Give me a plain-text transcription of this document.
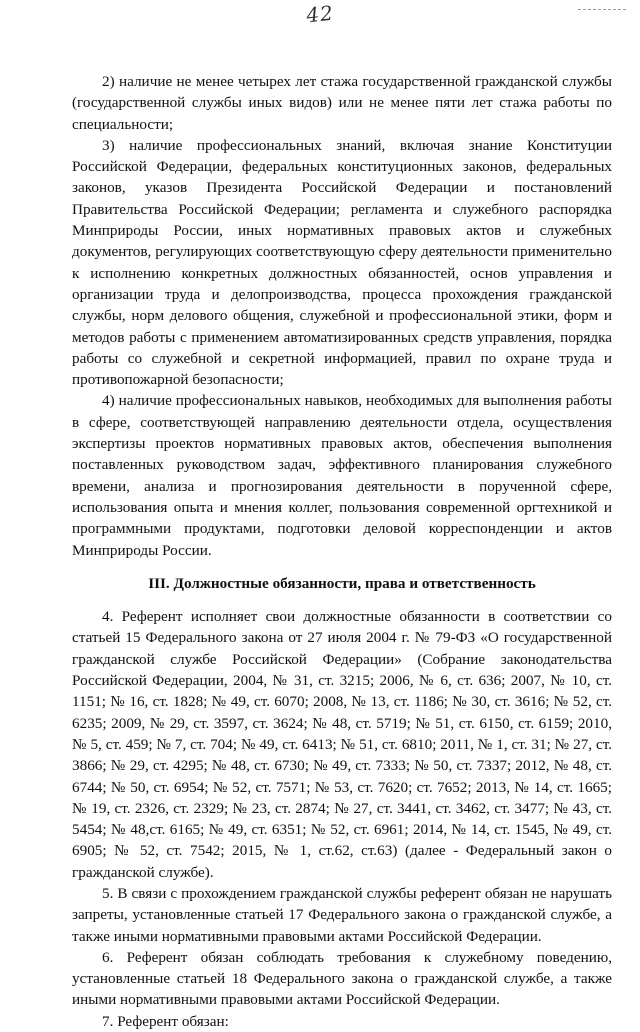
42

2) наличие не менее четырех лет стажа государственной гражданской службы (государственной службы иных видов) или не менее пяти лет стажа работы по специальности;

3) наличие профессиональных знаний, включая знание Конституции Российской Федерации, федеральных конституционных законов, федеральных законов, указов Президента Российской Федерации и постановлений Правительства Российской Федерации; регламента и служебного распорядка Минприроды России, иных нормативных правовых актов и служебных документов, регулирующих соответствующую сферу деятельности применительно к исполнению конкретных должностных обязанностей, основ управления и организации труда и делопроизводства, процесса прохождения гражданской службы, норм делового общения, служебной и профессиональной этики, форм и методов работы с применением автоматизированных средств управления, порядка работы со служебной и секретной информацией, правил по охране труда и противопожарной безопасности;

4) наличие профессиональных навыков, необходимых для выполнения работы в сфере, соответствующей направлению деятельности отдела, осуществления экспертизы проектов нормативных правовых актов, обеспечения выполнения поставленных руководством задач, эффективного планирования служебного времени, анализа и прогнозирования деятельности в порученной сфере, использования опыта и мнения коллег, пользования современной оргтехникой и программными продуктами, подготовки деловой корреспонденции и актов Минприроды России.

III. Должностные обязанности, права и ответственность

4. Референт исполняет свои должностные обязанности в соответствии со статьей 15 Федерального закона от 27 июля 2004 г. № 79-ФЗ «О государственной гражданской службе Российской Федерации» (Собрание законодательства Российской Федерации, 2004, № 31, ст. 3215; 2006, № 6, ст. 636; 2007, № 10, ст. 1151; № 16, ст. 1828; № 49, ст. 6070; 2008, № 13, ст. 1186; № 30, ст. 3616; № 52, ст. 6235; 2009, № 29, ст. 3597, ст. 3624; № 48, ст. 5719; № 51, ст. 6150, ст. 6159; 2010, № 5, ст. 459; № 7, ст. 704; № 49, ст. 6413; № 51, ст. 6810; 2011, № 1, ст. 31; № 27, ст. 3866; № 29, ст. 4295; № 48, ст. 6730; № 49, ст. 7333; № 50, ст. 7337; 2012, № 48, ст. 6744; № 50, ст. 6954; № 52, ст. 7571; № 53, ст. 7620; ст. 7652; 2013, № 14, ст. 1665; № 19, ст. 2326, ст. 2329; № 23, ст. 2874; № 27, ст. 3441, ст. 3462, ст. 3477; № 43, ст. 5454; № 48,ст. 6165; № 49, ст. 6351; № 52, ст. 6961; 2014, № 14, ст. 1545, № 49, ст. 6905; № 52, ст. 7542; 2015, № 1, ст.62, ст.63) (далее - Федеральный закон о гражданской службе).

5. В связи с прохождением гражданской службы референт обязан не нарушать запреты, установленные статьей 17 Федерального закона о гражданской службе, а также иными нормативными правовыми актами Российской Федерации.

6. Референт обязан соблюдать требования к служебному поведению, установленные статьей 18 Федерального закона о гражданской службе, а также иными нормативными правовыми актами Российской Федерации.

7. Референт обязан:
